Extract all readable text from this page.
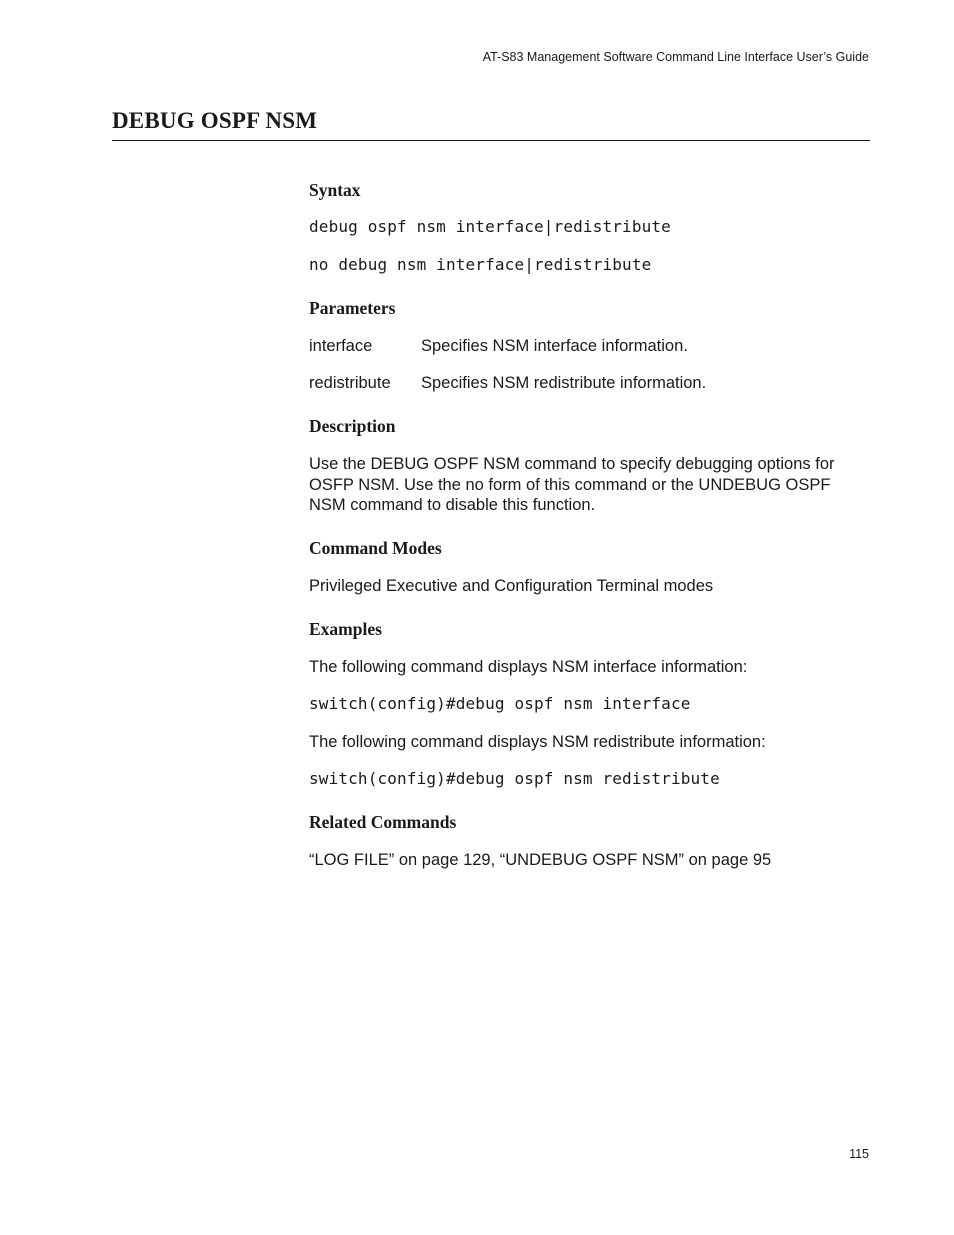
AT-S83 Management Software Command Line Interface User’s Guide
DEBUG OSPF NSM
Syntax
debug ospf nsm interface|redistribute
no debug nsm interface|redistribute
Parameters
interface	Specifies NSM interface information.
redistribute Specifies NSM redistribute information.
Description

Use the DEBUG OSPF NSM command to specify debugging options for OSFP NSM. Use the no form of this command or the UNDEBUG OSPF NSM command to disable this function.

Command Modes
Privileged Executive and Configuration Terminal modes
Examples
The following command displays NSM interface information:
switch(config)#debug ospf nsm interface
The following command displays NSM redistribute information:
switch(config)#debug ospf nsm redistribute
Related Commands
“LOG FILE” on page 129, “UNDEBUG OSPF NSM” on page 95
115
